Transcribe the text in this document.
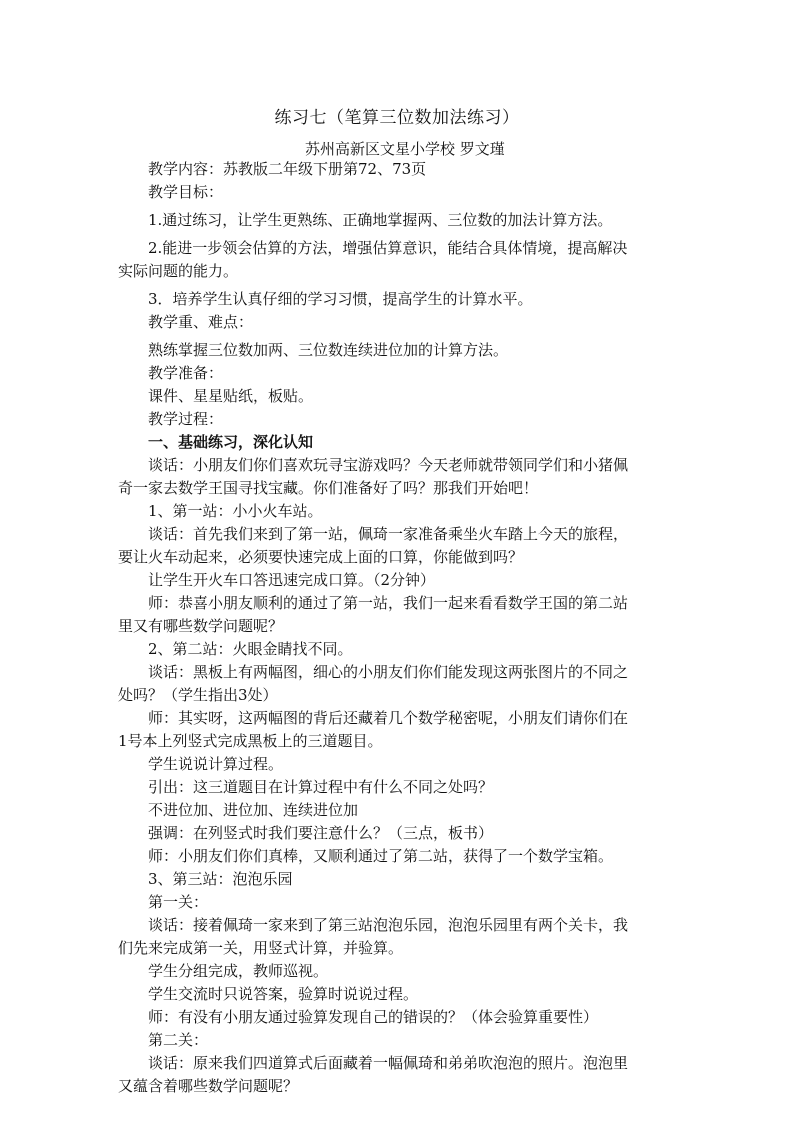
练习七（笔算三位数加法练习）
苏州高新区文星小学校 罗文瑾
教学内容：苏教版二年级下册第72、73页
教学目标：
1.通过练习，让学生更熟练、正确地掌握两、三位数的加法计算方法。
2.能进一步领会估算的方法，增强估算意识，能结合具体情境，提高解决
实际问题的能力。
3．培养学生认真仔细的学习习惯，提高学生的计算水平。
教学重、难点：
熟练掌握三位数加两、三位数连续进位加的计算方法。
教学准备：
课件、星星贴纸，板贴。
教学过程：
一、基础练习，深化认知
谈话：小朋友们你们喜欢玩寻宝游戏吗？今天老师就带领同学们和小猪佩
奇一家去数学王国寻找宝藏。你们准备好了吗？那我们开始吧！
1、第一站：小小火车站。
谈话：首先我们来到了第一站，佩琦一家准备乘坐火车踏上今天的旅程，
要让火车动起来，必须要快速完成上面的口算，你能做到吗？
让学生开火车口答迅速完成口算。（2分钟）
师：恭喜小朋友顺利的通过了第一站，我们一起来看看数学王国的第二站
里又有哪些数学问题呢？
2、第二站：火眼金睛找不同。
谈话：黑板上有两幅图，细心的小朋友们你们能发现这两张图片的不同之
处吗？（学生指出3处）
师：其实呀，这两幅图的背后还藏着几个数学秘密呢，小朋友们请你们在
1号本上列竖式完成黑板上的三道题目。
学生说说计算过程。
引出：这三道题目在计算过程中有什么不同之处吗？
不进位加、进位加、连续进位加
强调：在列竖式时我们要注意什么？（三点，板书）
师：小朋友们你们真棒，又顺利通过了第二站，获得了一个数学宝箱。
3、第三站：泡泡乐园
第一关：
谈话：接着佩琦一家来到了第三站泡泡乐园，泡泡乐园里有两个关卡，我
们先来完成第一关，用竖式计算，并验算。
学生分组完成，教师巡视。
学生交流时只说答案，验算时说说过程。
师：有没有小朋友通过验算发现自己的错误的？（体会验算重要性）
第二关：
谈话：原来我们四道算式后面藏着一幅佩琦和弟弟吹泡泡的照片。泡泡里
又蕴含着哪些数学问题呢？
